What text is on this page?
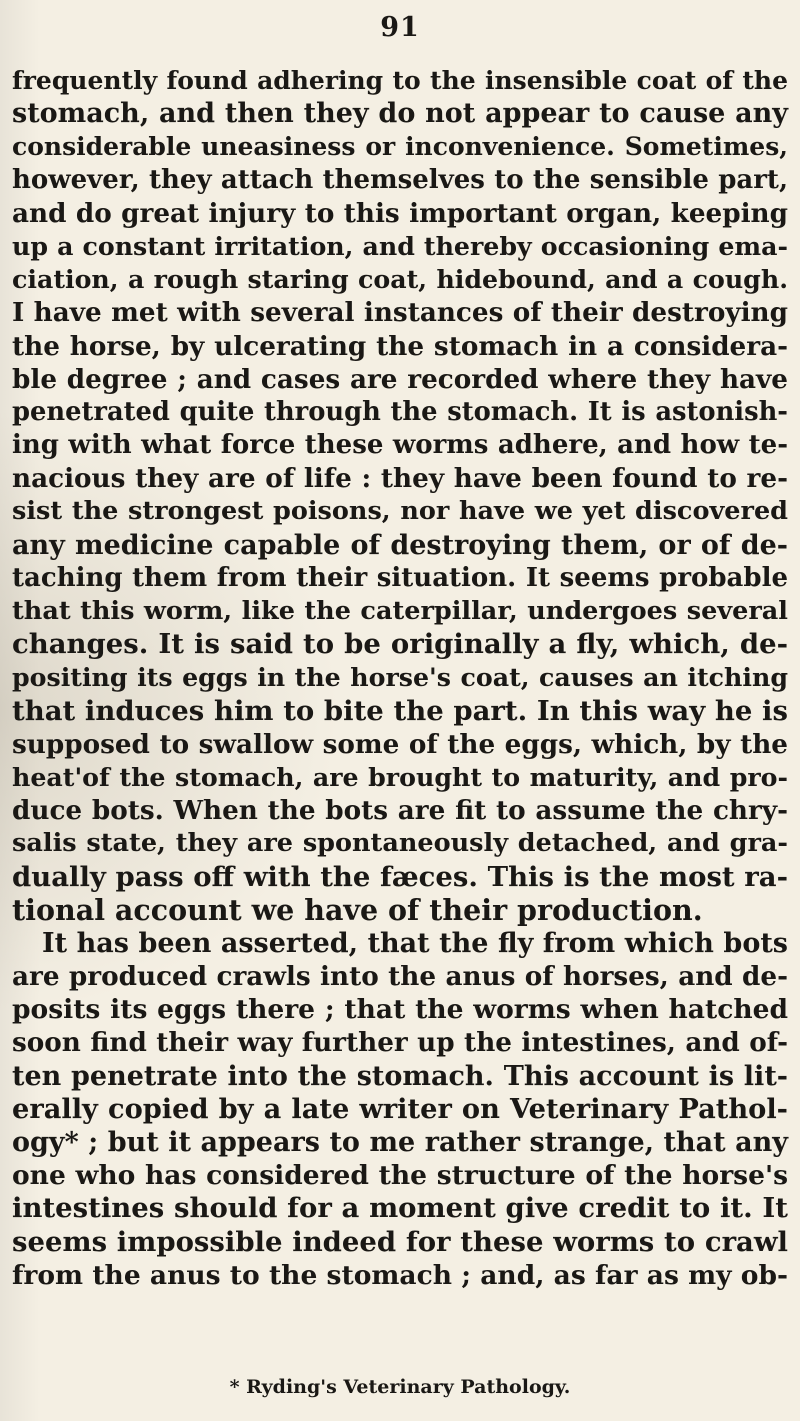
91
frequently found adhering to the insensible coat of the
stomach, and then they do not appear to cause any
considerable uneasiness or inconvenience. Sometimes,
however, they attach themselves to the sensible part,
and do great injury to this important organ, keeping
up a constant irritation, and thereby occasioning ema-
ciation, a rough staring coat, hidebound, and a cough.
I have met with several instances of their destroying
the horse, by ulcerating the stomach in a considera-
ble degree ; and cases are recorded where they have
penetrated quite through the stomach. It is astonish-
ing with what force these worms adhere, and how te-
nacious they are of life : they have been found to re-
sist the strongest poisons, nor have we yet discovered
any medicine capable of destroying them, or of de-
taching them from their situation. It seems probable
that this worm, like the caterpillar, undergoes several
changes. It is said to be originally a fly, which, de-
positing its eggs in the horse's coat, causes an itching
that induces him to bite the part. In this way he is
supposed to swallow some of the eggs, which, by the
heat'of the stomach, are brought to maturity, and pro-
duce bots. When the bots are fit to assume the chry-
salis state, they are spontaneously detached, and gra-
dually pass off with the fæces. This is the most ra-
tional account we have of their production.
It has been asserted, that the fly from which bots
are produced crawls into the anus of horses, and de-
posits its eggs there ; that the worms when hatched
soon find their way further up the intestines, and of-
ten penetrate into the stomach. This account is lit-
erally copied by a late writer on Veterinary Pathol-
ogy* ; but it appears to me rather strange, that any
one who has considered the structure of the horse's
intestines should for a moment give credit to it. It
seems impossible indeed for these worms to crawl
from the anus to the stomach ; and, as far as my ob-
* Ryding's Veterinary Pathology.
